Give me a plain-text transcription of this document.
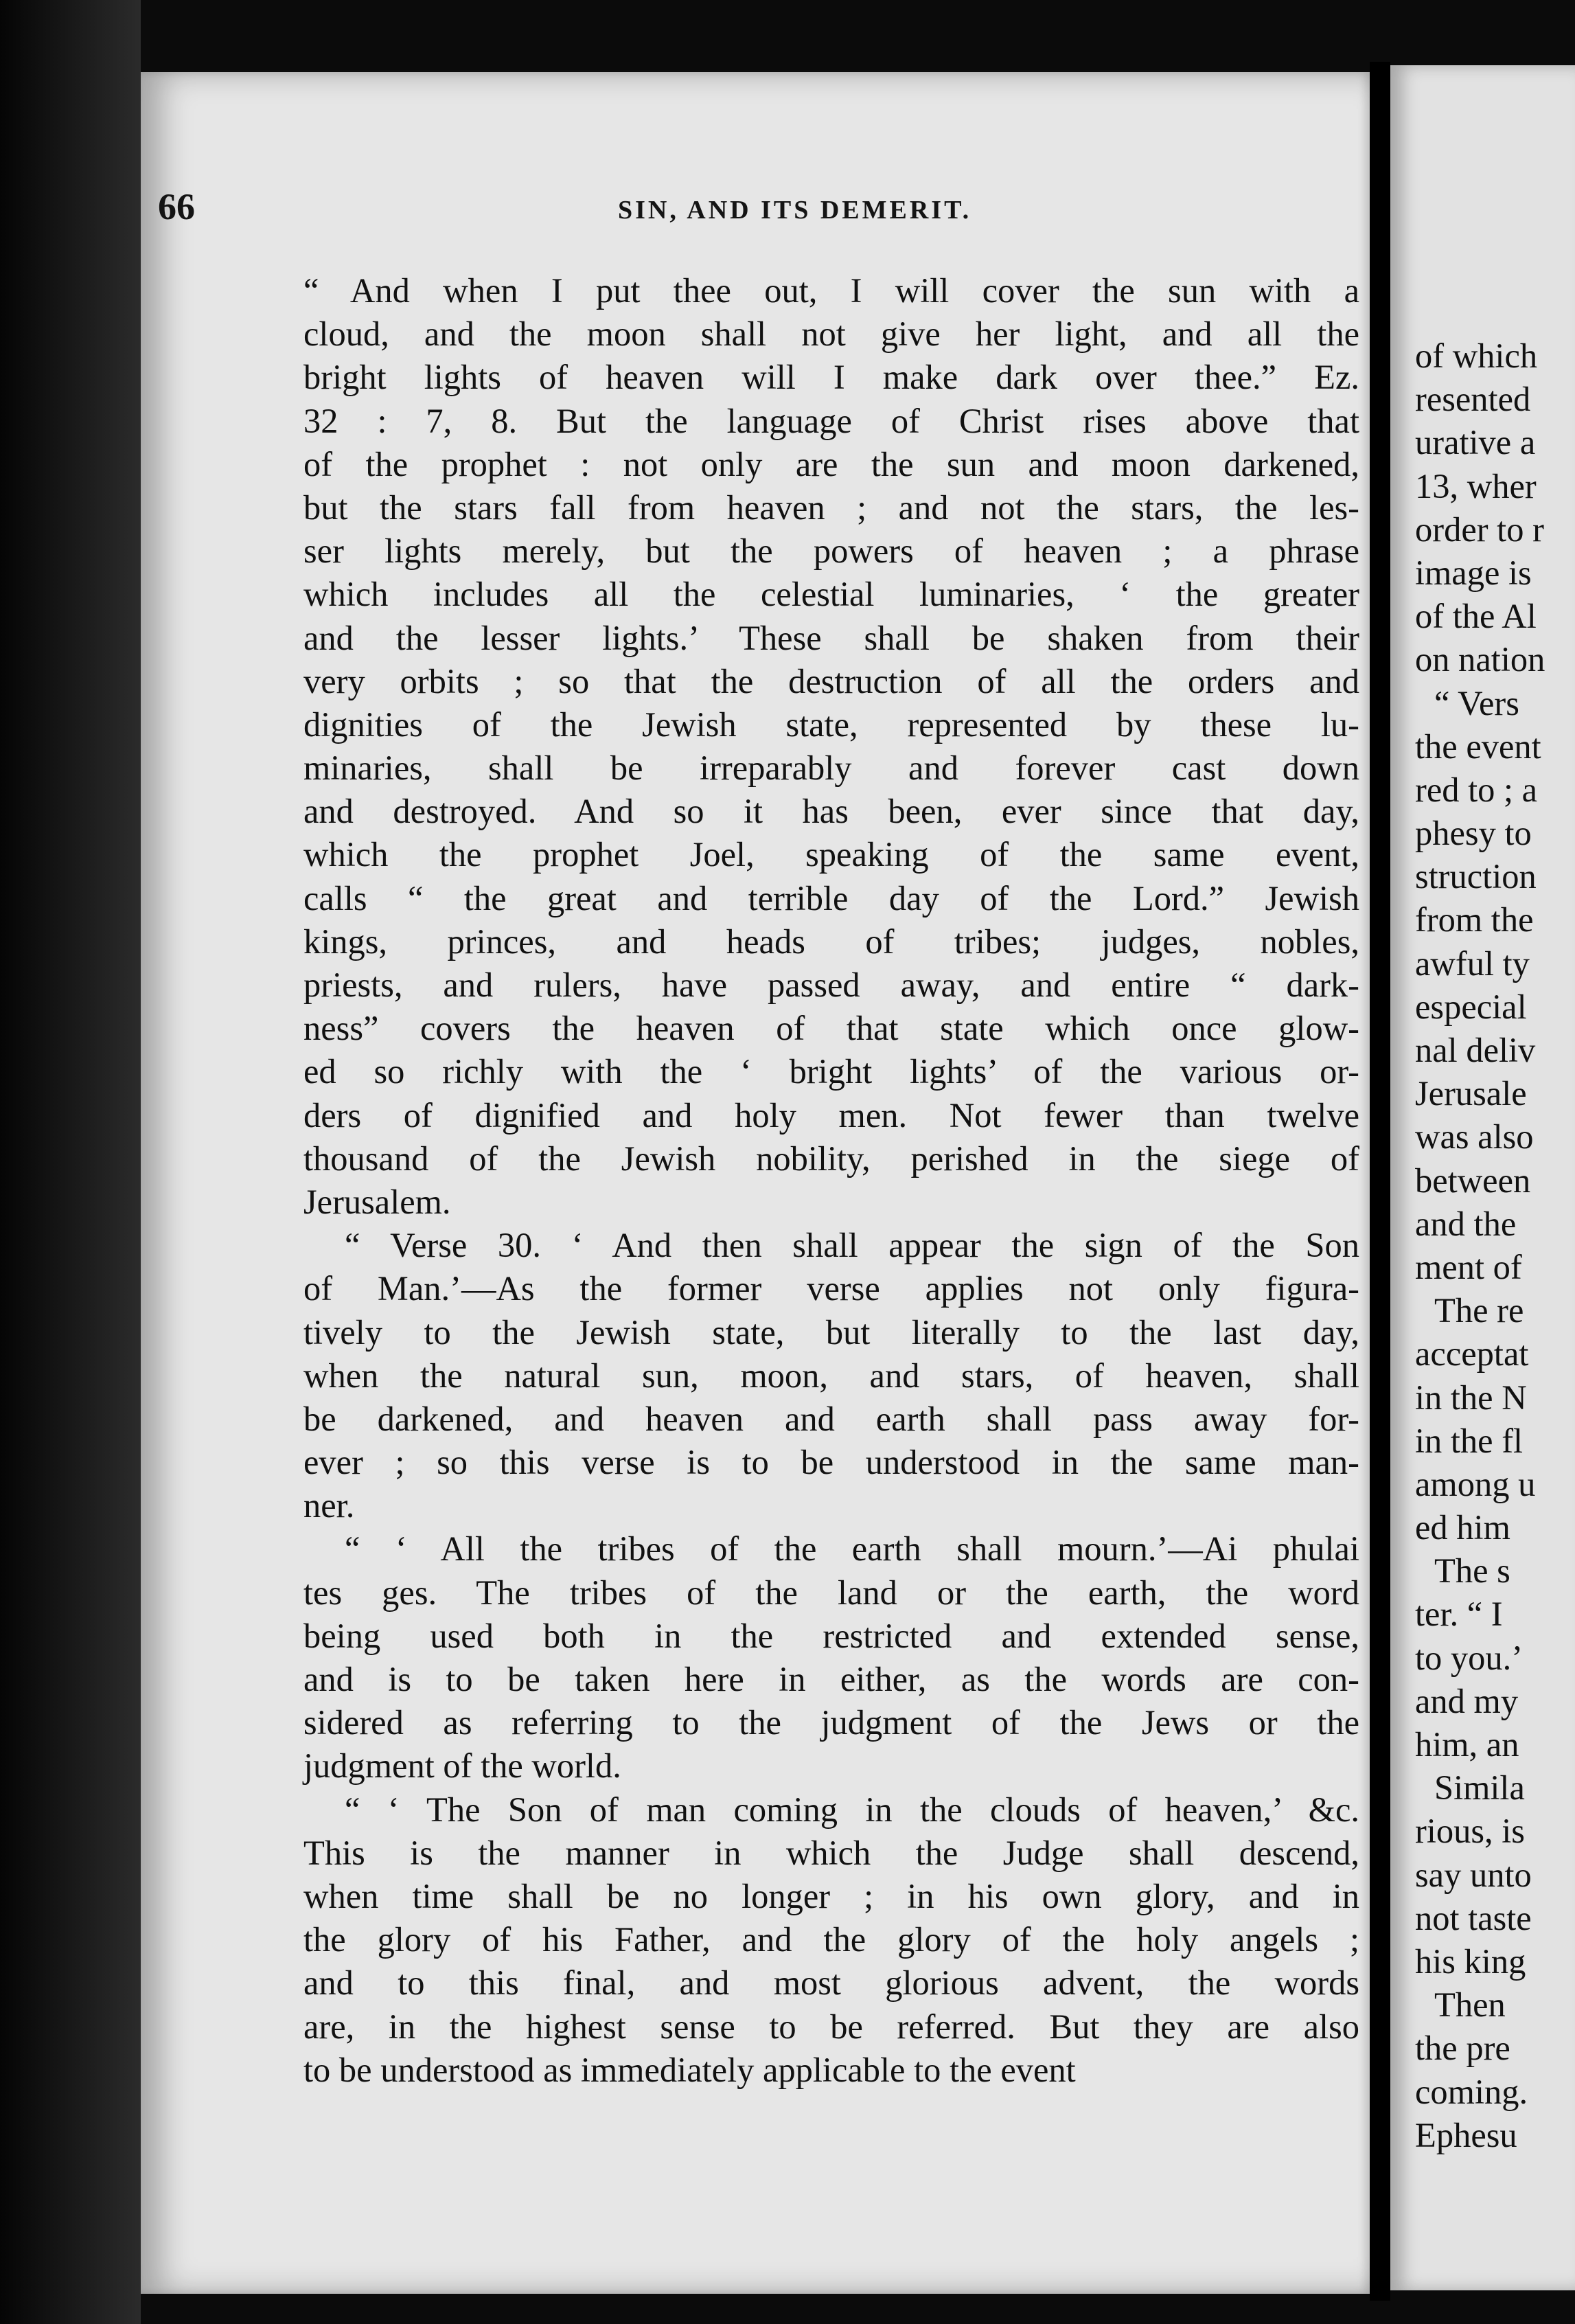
of which
resented
urative a
13, wher
order to r
image is
of the Al
on nation
“ Vers
the event
red to ; a
phesy to
struction
from the
awful ty
especial
nal deliv
Jerusale
was also
between
and the
ment of
The re
acceptat
in the N
in the fl
among u
ed him
The s
ter. “ I
to you.’
and my
him, an
Simila
rious, is
say unto
not taste
his king
Then
the pre
coming.
Ephesu
66	SIN, AND ITS DEMERIT.
“ And when I put thee out, I will cover the sun with a
cloud, and the moon shall not give her light, and all the
bright lights of heaven will I make dark over thee.” Ez.
32 : 7, 8. But the language of Christ rises above that
of the prophet : not only are the sun and moon darkened,
but the stars fall from heaven ; and not the stars, the les-
ser lights merely, but the powers of heaven ; a phrase
which includes all the celestial luminaries, ‘ the greater
and the lesser lights.’ These shall be shaken from their
very orbits ; so that the destruction of all the orders and
dignities of the Jewish state, represented by these lu-
minaries, shall be irreparably and forever cast down
and destroyed. And so it has been, ever since that day,
which the prophet Joel, speaking of the same event,
calls “ the great and terrible day of the Lord.” Jewish
kings, princes, and heads of tribes; judges, nobles,
priests, and rulers, have passed away, and entire “ dark-
ness” covers the heaven of that state which once glow-
ed so richly with the ‘ bright lights’ of the various or-
ders of dignified and holy men. Not fewer than twelve
thousand of the Jewish nobility, perished in the siege of
Jerusalem.
“ Verse 30. ‘ And then shall appear the sign of the Son
of Man.’—As the former verse applies not only figura-
tively to the Jewish state, but literally to the last day,
when the natural sun, moon, and stars, of heaven, shall
be darkened, and heaven and earth shall pass away for-
ever ; so this verse is to be understood in the same man-
ner.
“ ‘ All the tribes of the earth shall mourn.’—Ai phulai
tes ges. The tribes of the land or the earth, the word
being used both in the restricted and extended sense,
and is to be taken here in either, as the words are con-
sidered as referring to the judgment of the Jews or the
judgment of the world.
“ ‘ The Son of man coming in the clouds of heaven,’ &c.
This is the manner in which the Judge shall descend,
when time shall be no longer ; in his own glory, and in
the glory of his Father, and the glory of the holy angels ;
and to this final, and most glorious advent, the words
are, in the highest sense to be referred. But they are also
to be understood as immediately applicable to the event
